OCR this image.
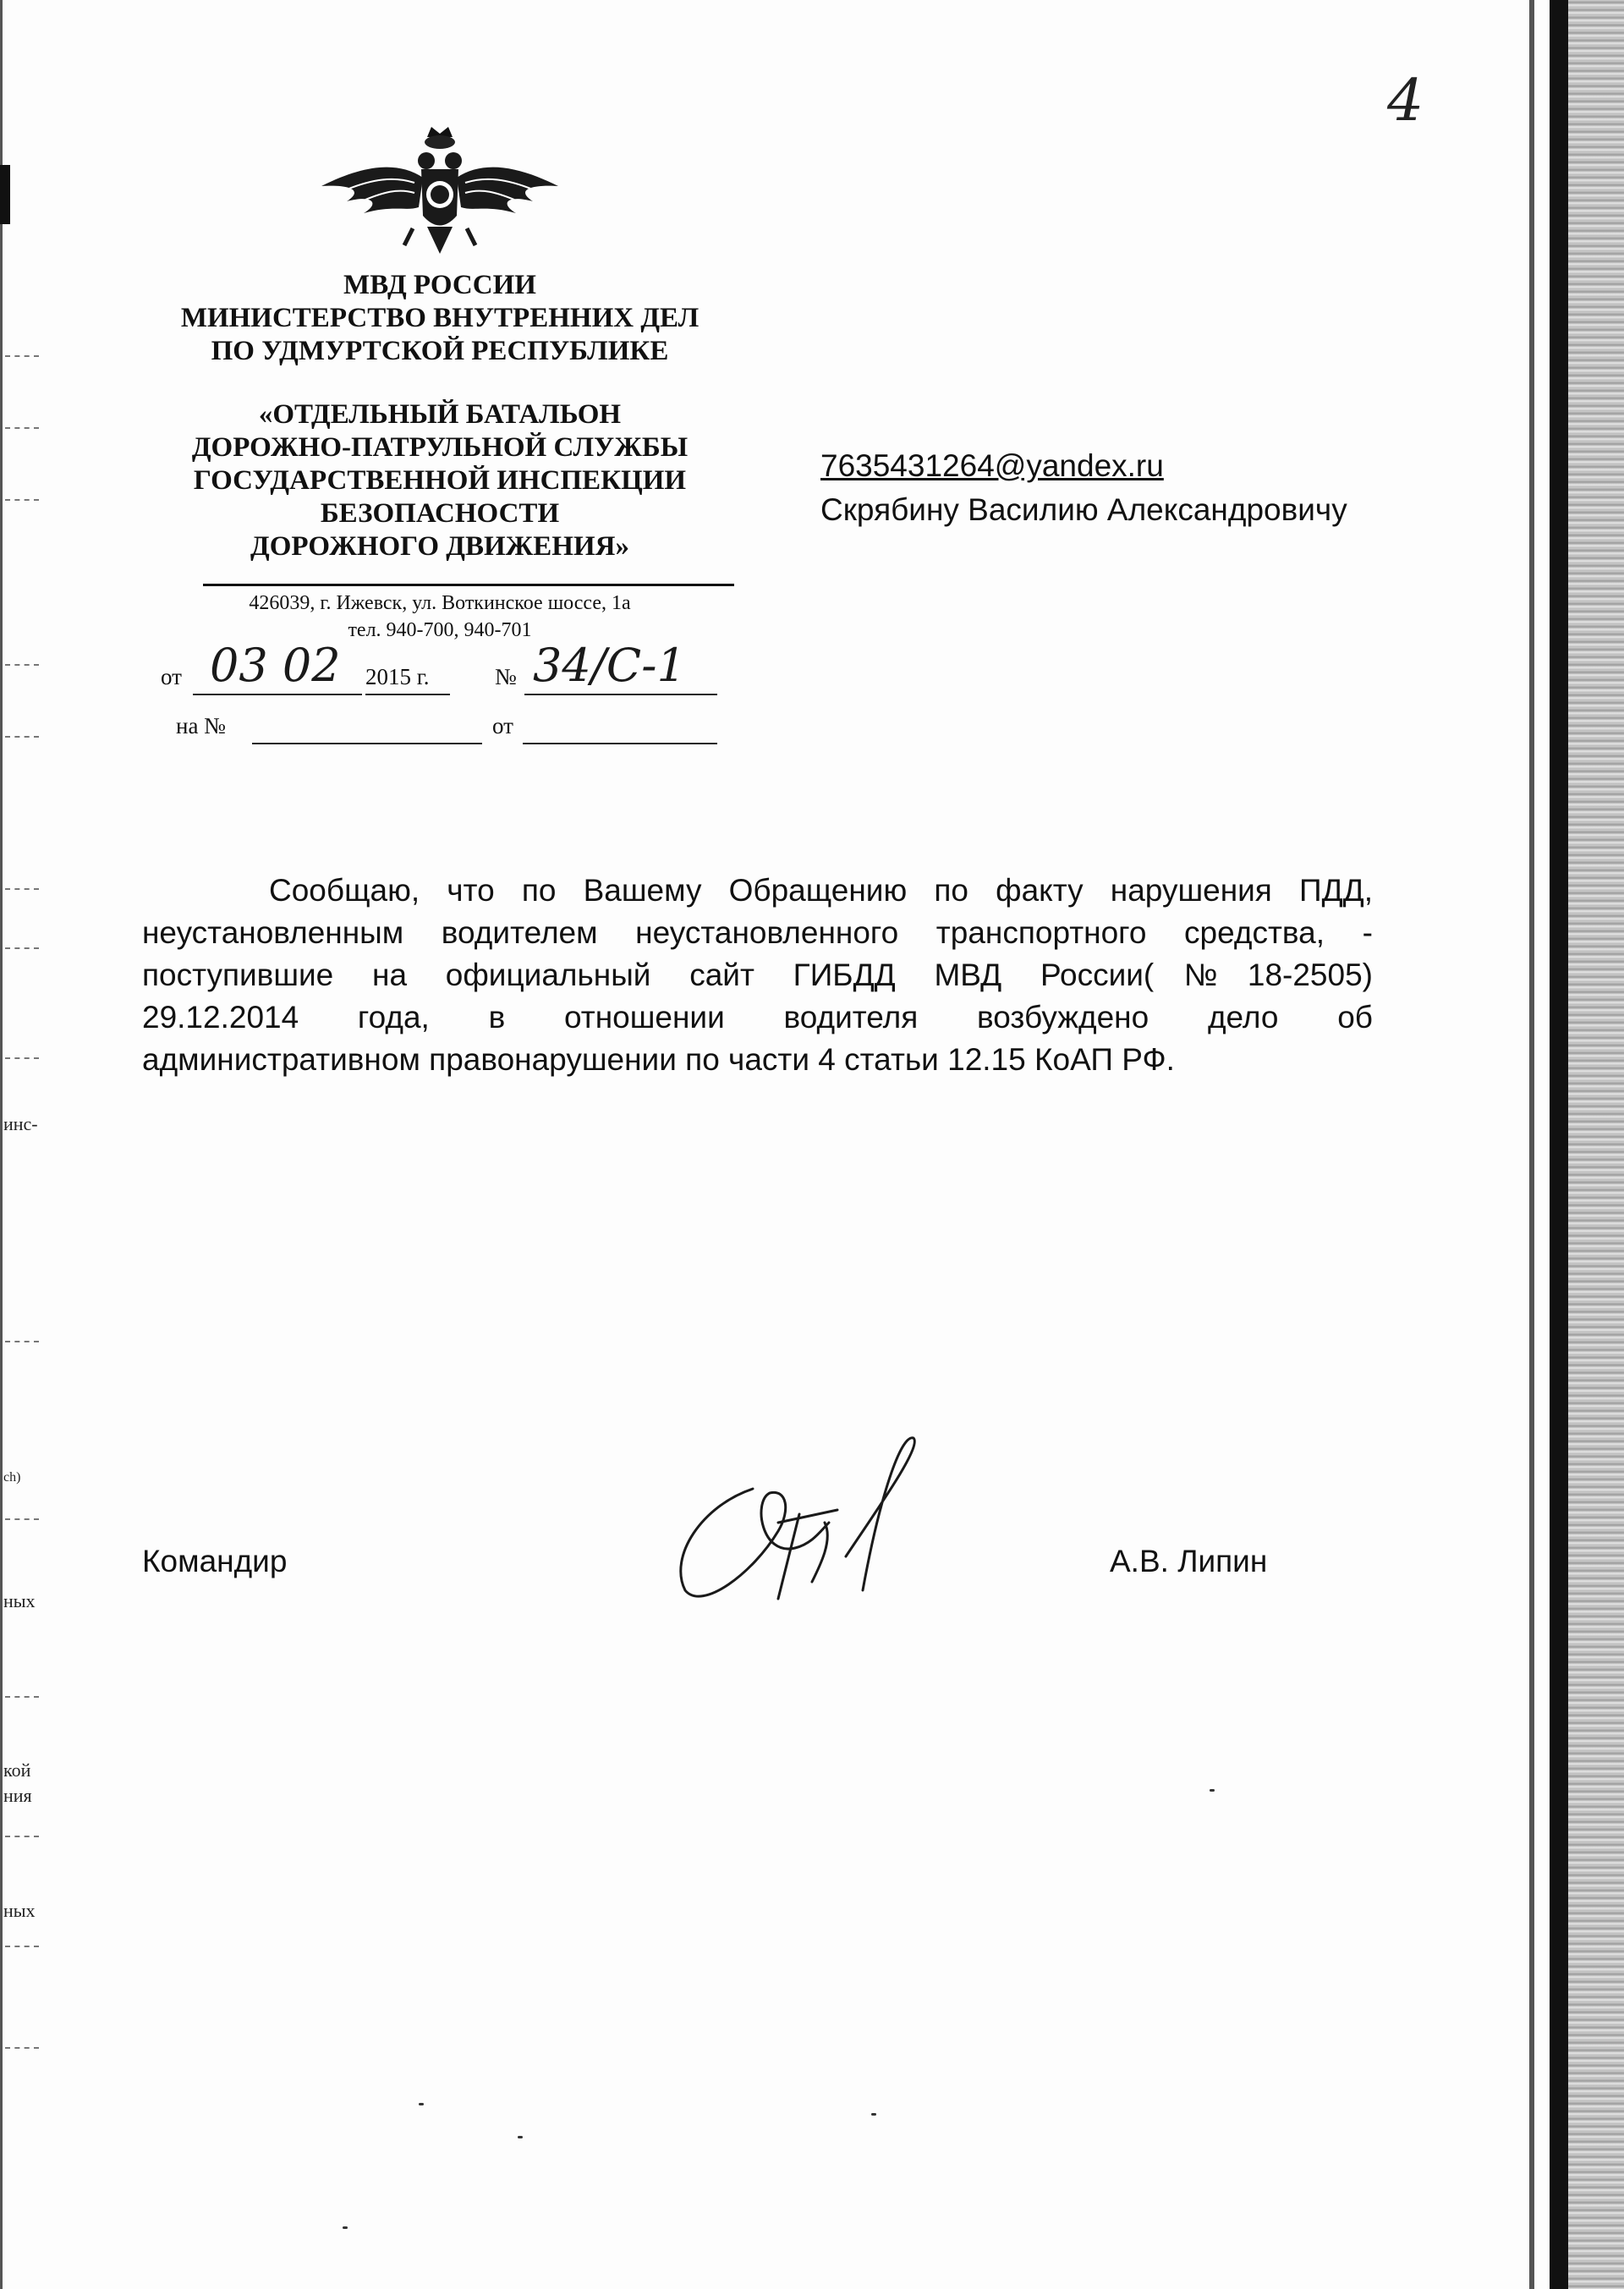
инс-
ch)
ных
кой
ния
ных
4
МВД РОССИИ
МИНИСТЕРСТВО ВНУТРЕННИХ ДЕЛ
ПО УДМУРТСКОЙ РЕСПУБЛИКЕ
«ОТДЕЛЬНЫЙ БАТАЛЬОН
ДОРОЖНО-ПАТРУЛЬНОЙ СЛУЖБЫ
ГОСУДАРСТВЕННОЙ ИНСПЕКЦИИ
БЕЗОПАСНОСТИ
ДОРОЖНОГО ДВИЖЕНИЯ»
426039, г. Ижевск, ул. Воткинское шоссе, 1а
тел. 940-700, 940-701
от 03 02 2015 г.	№ 34/С-1
на №	от
7635431264@yandex.ru
Скрябину Василию Александровичу
Сообщаю, что по Вашему Обращению по факту нарушения ПДД,
неустановленным водителем неустановленного транспортного средства, -
поступившие на официальный сайт ГИБДД МВД России(№18-2505)
29.12.2014 года, в отношении водителя возбуждено дело об
административном правонарушении по части 4 статьи 12.15 КоАП РФ.
Командир	А.В. Липин
